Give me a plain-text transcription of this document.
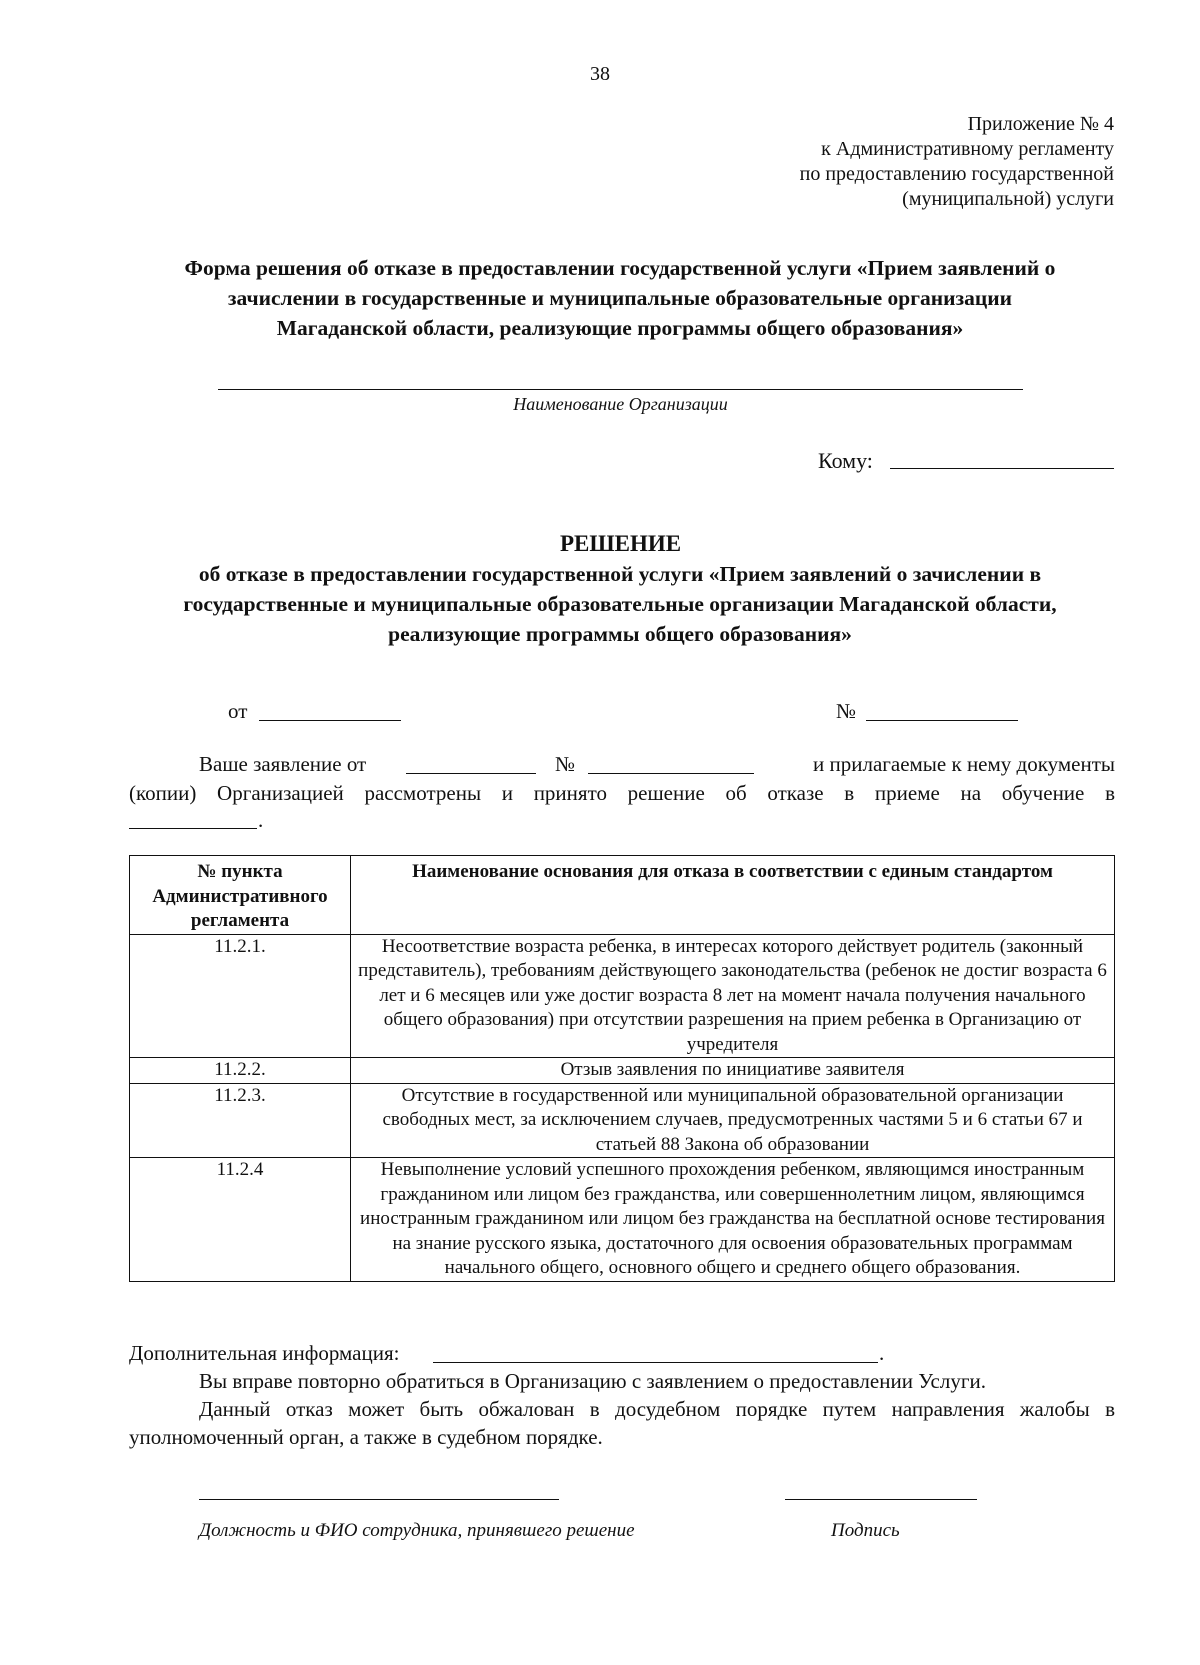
38
Приложение № 4
к Административному регламенту
по предоставлению государственной
(муниципальной) услуги
Форма решения об отказе в предоставлении государственной услуги «Прием заявлений о
зачислении в государственные и муниципальные образовательные организации
Магаданской области, реализующие программы общего образования»
Наименование Организации
Кому:
РЕШЕНИЕ
об отказе в предоставлении государственной услуги «Прием заявлений о зачислении в
государственные и муниципальные образовательные организации Магаданской области,
реализующие программы общего образования»
от	№
Ваше заявление от	№	и прилагаемые к нему документы
(копии) Организацией рассмотрены и принято решение об отказе в приеме на обучение в
.
№ пункта Административного регламента	Наименование основания для отказа в соответствии с единым стандартом
11.2.1.	Несоответствие возраста ребенка, в интересах которого действует родитель (законный представитель), требованиям действующего законодательства (ребенок не достиг возраста 6 лет и 6 месяцев или уже достиг возраста 8 лет на момент начала получения начального общего образования) при отсутствии разрешения на прием ребенка в Организацию от учредителя
11.2.2.	Отзыв заявления по инициативе заявителя
11.2.3.	Отсутствие в государственной или муниципальной образовательной организации свободных мест, за исключением случаев, предусмотренных частями 5 и 6 статьи 67 и статьей 88 Закона об образовании
11.2.4	Невыполнение условий успешного прохождения ребенком, являющимся иностранным гражданином или лицом без гражданства, или совершеннолетним лицом, являющимся иностранным гражданином или лицом без гражданства на бесплатной основе тестирования на знание русского языка, достаточного для освоения образовательных программам начального общего, основного общего и среднего общего образования.
Дополнительная информация:	.
Вы вправе повторно обратиться в Организацию с заявлением о предоставлении Услуги.
Данный отказ может быть обжалован в досудебном порядке путем направления жалобы в
уполномоченный орган, а также в судебном порядке.
Должность и ФИО сотрудника, принявшего решение	Подпись
